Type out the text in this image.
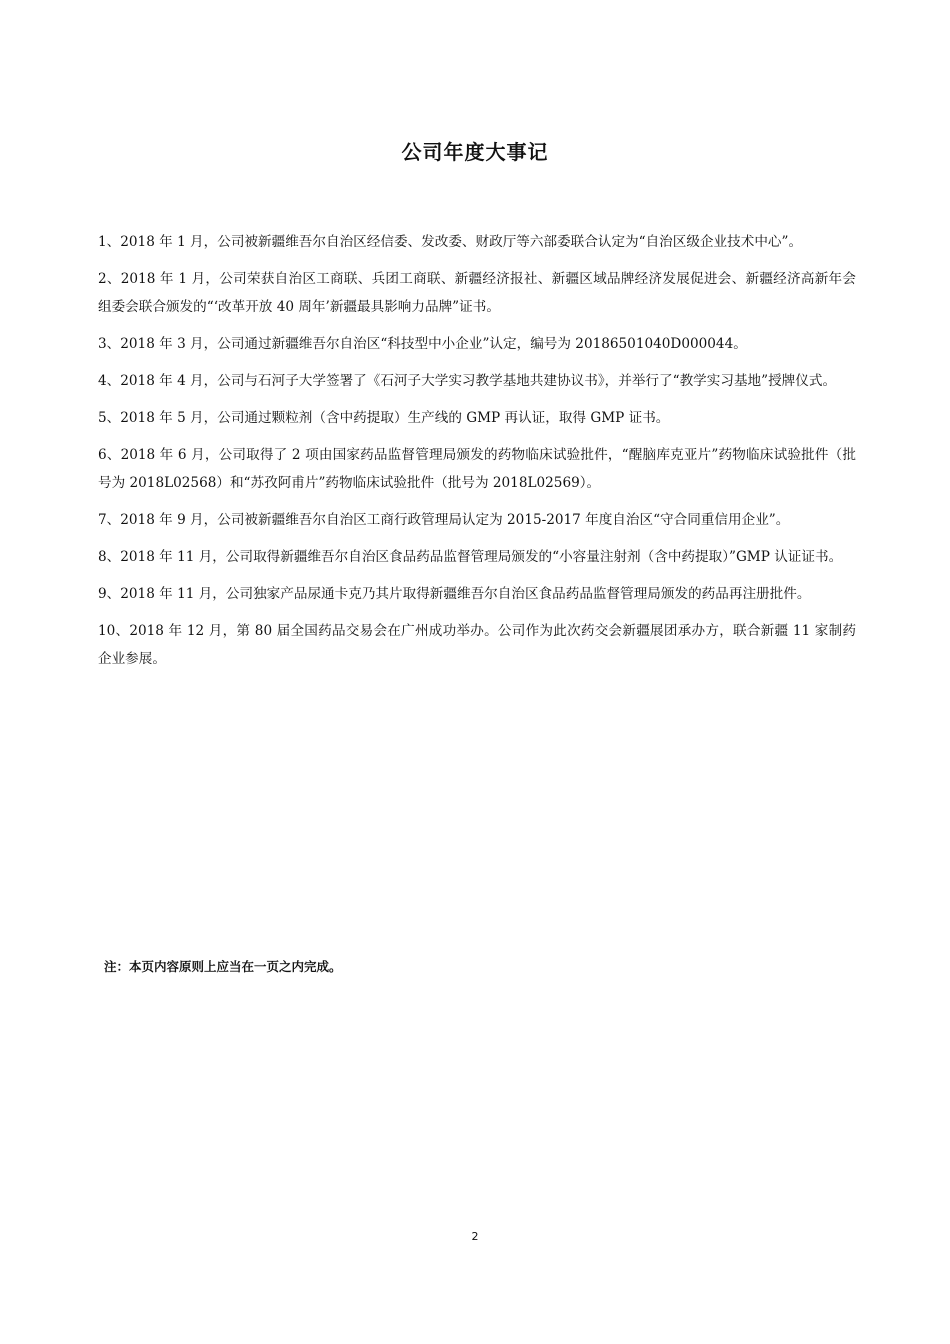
公司年度大事记
1、2018 年 1 月，公司被新疆维吾尔自治区经信委、发改委、财政厅等六部委联合认定为“自治区级企业技术中心”。
2、2018 年 1 月，公司荣获自治区工商联、兵团工商联、新疆经济报社、新疆区域品牌经济发展促进会、新疆经济高新年会组委会联合颁发的“‘改革开放 40 周年’新疆最具影响力品牌”证书。
3、2018 年 3 月，公司通过新疆维吾尔自治区“科技型中小企业”认定，编号为 20186501040D000044。
4、2018 年 4 月，公司与石河子大学签署了《石河子大学实习教学基地共建协议书》，并举行了“教学实习基地”授牌仪式。
5、2018 年 5 月，公司通过颗粒剂（含中药提取）生产线的 GMP 再认证，取得 GMP 证书。
6、2018 年 6 月，公司取得了 2 项由国家药品监督管理局颁发的药物临床试验批件，“醒脑库克亚片”药物临床试验批件（批号为 2018L02568）和“苏孜阿甫片”药物临床试验批件（批号为 2018L02569）。
7、2018 年 9 月，公司被新疆维吾尔自治区工商行政管理局认定为 2015-2017 年度自治区“守合同重信用企业”。
8、2018 年 11 月，公司取得新疆维吾尔自治区食品药品监督管理局颁发的“小容量注射剂（含中药提取）”GMP 认证证书。
9、2018 年 11 月，公司独家产品尿通卡克乃其片取得新疆维吾尔自治区食品药品监督管理局颁发的药品再注册批件。
10、2018 年 12 月，第 80 届全国药品交易会在广州成功举办。公司作为此次药交会新疆展团承办方，联合新疆 11 家制药企业参展。
注：本页内容原则上应当在一页之内完成。
2
